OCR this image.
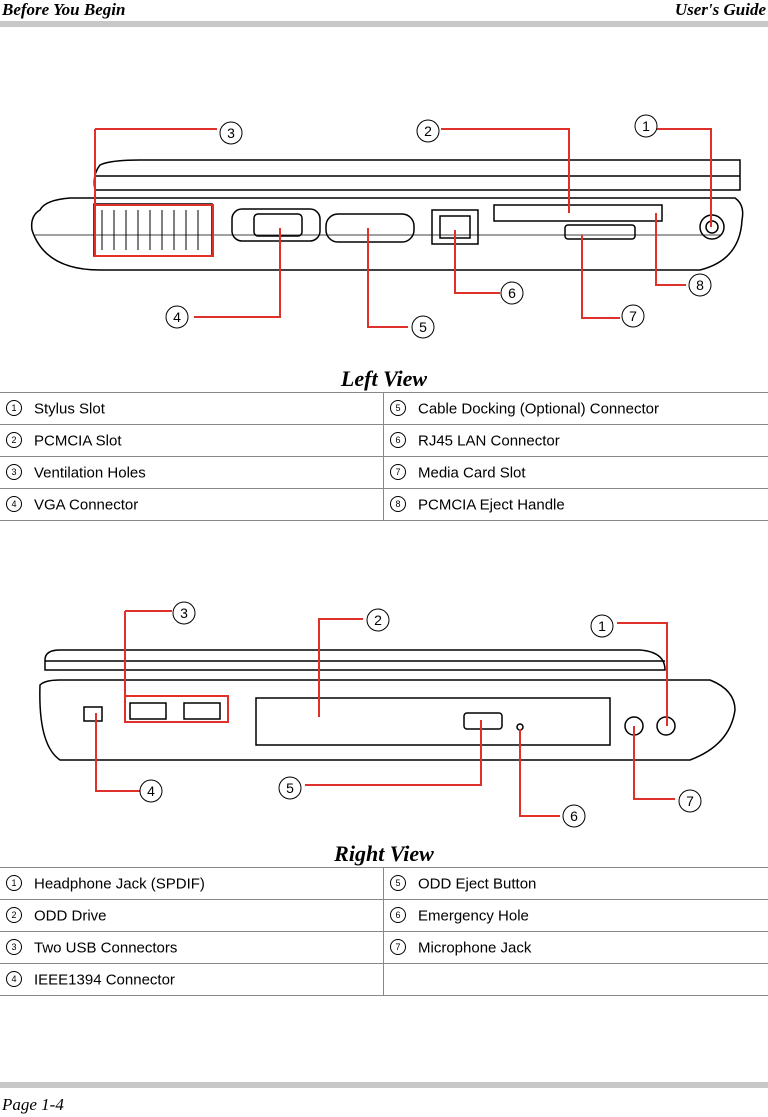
Before You Begin	User's Guide
1
2
3
4
5
6
7
8
Left View
1 Stylus Slot	5 Cable Docking (Optional) Connector
2 PCMCIA Slot	6 RJ45 LAN Connector
3 Ventilation Holes	7 Media Card Slot
4 VGA Connector	8 PCMCIA Eject Handle
1
2
3
4	5
6
7
Right View
1 Headphone Jack (SPDIF)	5 ODD Eject Button
2 ODD Drive	6 Emergency Hole
3 Two USB Connectors	7 Microphone Jack
4 IEEE1394 Connector	
Page 1-4
